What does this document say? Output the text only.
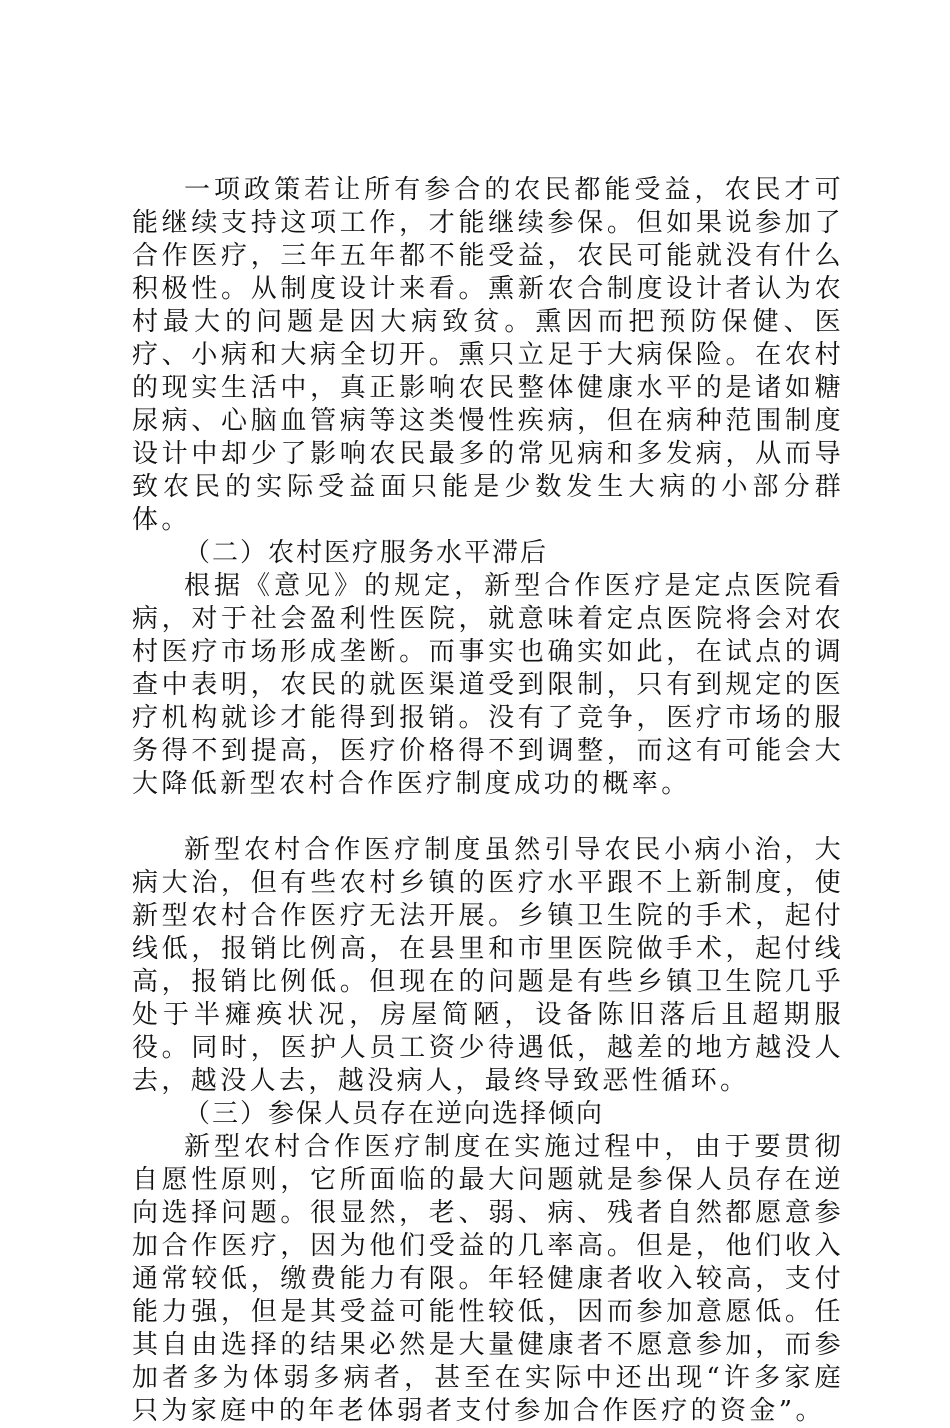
一项政策若让所有参合的农民都能受益，农民才可能继续支持这项工作，才能继续参保。但如果说参加了合作医疗，三年五年都不能受益，农民可能就没有什么积极性。从制度设计来看。熏新农合制度设计者认为农村最大的问题是因大病致贫。熏因而把预防保健、医疗、小病和大病全切开。熏只立足于大病保险。在农村的现实生活中，真正影响农民整体健康水平的是诸如糖尿病、心脑血管病等这类慢性疾病，但在病种范围制度设计中却少了影响农民最多的常见病和多发病，从而导致农民的实际受益面只能是少数发生大病的小部分群体。

（二）农村医疗服务水平滞后

根据《意见》的规定，新型合作医疗是定点医院看病，对于社会盈利性医院，就意味着定点医院将会对农村医疗市场形成垄断。而事实也确实如此，在试点的调查中表明，农民的就医渠道受到限制，只有到规定的医疗机构就诊才能得到报销。没有了竞争，医疗市场的服务得不到提高，医疗价格得不到调整，而这有可能会大大降低新型农村合作医疗制度成功的概率。

新型农村合作医疗制度虽然引导农民小病小治，大病大治，但有些农村乡镇的医疗水平跟不上新制度，使新型农村合作医疗无法开展。乡镇卫生院的手术，起付线低，报销比例高，在县里和市里医院做手术，起付线高，报销比例低。但现在的问题是有些乡镇卫生院几乎处于半瘫痪状况，房屋简陋，设备陈旧落后且超期服役。同时，医护人员工资少待遇低，越差的地方越没人去，越没人去，越没病人，最终导致恶性循环。

（三）参保人员存在逆向选择倾向

新型农村合作医疗制度在实施过程中，由于要贯彻自愿性原则，它所面临的最大问题就是参保人员存在逆向选择问题。很显然，老、弱、病、残者自然都愿意参加合作医疗，因为他们受益的几率高。但是，他们收入通常较低，缴费能力有限。年轻健康者收入较高，支付能力强，但是其受益可能性较低，因而参加意愿低。任其自由选择的结果必然是大量健康者不愿意参加，而参加者多为体弱多病者，甚至在实际中还出现“许多家庭只为家庭中的年老体弱者支付参加合作医疗的资金”。
